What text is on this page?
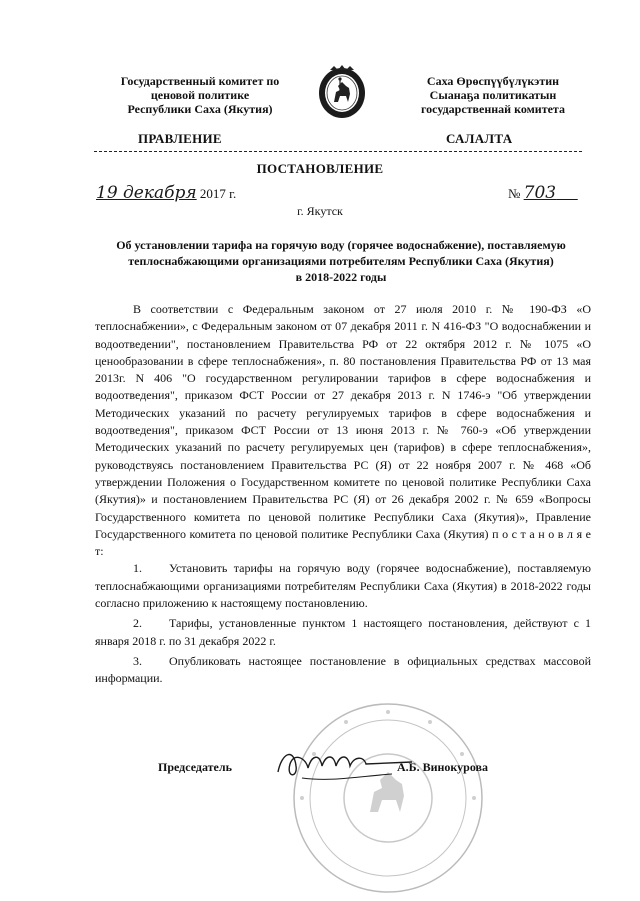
Государственный комитет по
ценовой политике
Республики Саха (Якутия)
Саха Өрөспүүбүлүкэтин
Сыанаҕа политикатын
государственнай комитета
ПРАВЛЕНИЕ	САЛАЛТА
ПОСТАНОВЛЕНИЕ
19 декабря 2017 г.	№ 703
г. Якутск
Об установлении тарифа на горячую воду (горячее водоснабжение), поставляемую
теплоснабжающими организациями потребителям Республики Саха (Якутия)
в 2018-2022 годы

В соответствии с Федеральным законом от 27 июля 2010 г. № 190-ФЗ «О теплоснабжении», с Федеральным законом от 07 декабря 2011 г. N 416-ФЗ "О водоснабжении и водоотведении", постановлением Правительства РФ от 22 октября 2012 г. № 1075 «О ценообразовании в сфере теплоснабжения», п. 80 постановления Правительства РФ от 13 мая 2013г. N 406 "О государственном регулировании тарифов в сфере водоснабжения и водоотведения", приказом ФСТ России от 27 декабря 2013 г. N 1746-э "Об утверждении Методических указаний по расчету регулируемых тарифов в сфере водоснабжения и водоотведения", приказом ФСТ России от 13 июня 2013 г. № 760-э «Об утверждении Методических указаний по расчету регулируемых цен (тарифов) в сфере теплоснабжения», руководствуясь постановлением Правительства РС (Я) от 22 ноября 2007 г. № 468 «Об утверждении Положения о Государственном комитете по ценовой политике Республики Саха (Якутия)» и постановлением Правительства РС (Я) от 26 декабря 2002 г. № 659 «Вопросы Государственного комитета по ценовой политике Республики Саха (Якутия)», Правление Государственного комитета по ценовой политике Республики Саха (Якутия) п о с т а н о в л я е т:

1. Установить тарифы на горячую воду (горячее водоснабжение), поставляемую теплоснабжающими организациями потребителям Республики Саха (Якутия) в 2018-2022 годы согласно приложению к настоящему постановлению.

2. Тарифы, установленные пунктом 1 настоящего постановления, действуют с 1 января 2018 г. по 31 декабря 2022 г.

3. Опубликовать настоящее постановление в официальных средствах массовой информации.

Председатель	А.Б. Винокурова
